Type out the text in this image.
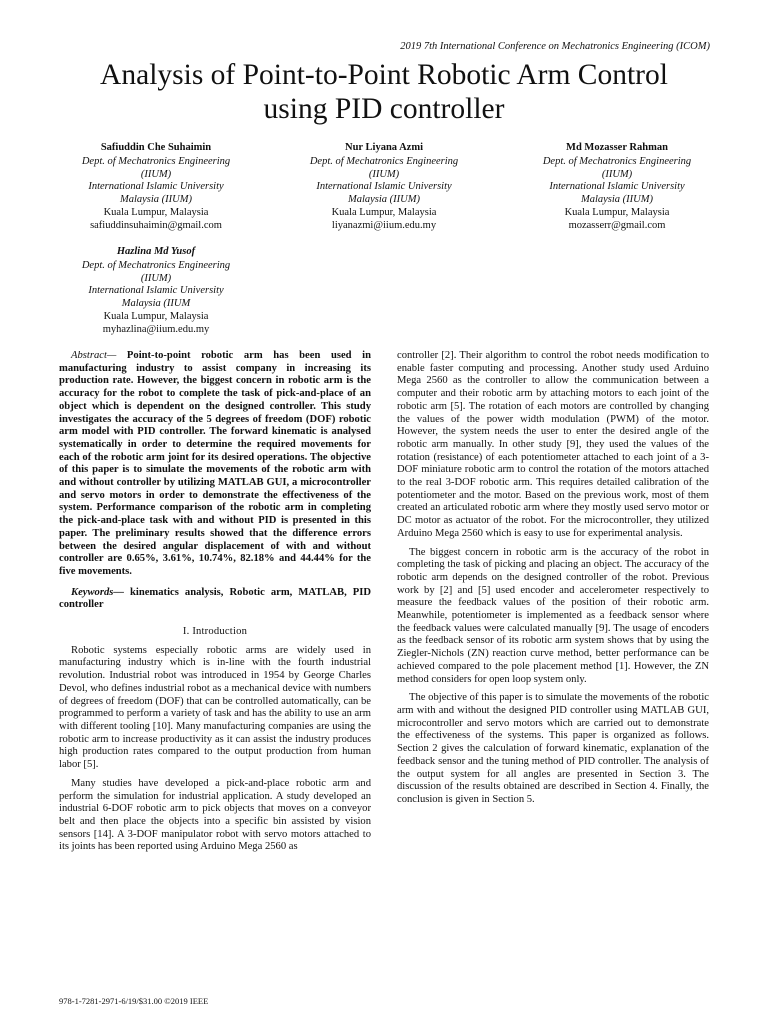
2019 7th International Conference on Mechatronics Engineering (ICOM)
Analysis of Point-to-Point Robotic Arm Control
using PID controller
Safiuddin Che Suhaimin
Dept. of Mechatronics Engineering
(IIUM)
International Islamic University
Malaysia (IIUM)
Kuala Lumpur, Malaysia
safiuddinsuhaimin@gmail.com
Nur Liyana Azmi
Dept. of Mechatronics Engineering
(IIUM)
International Islamic University
Malaysia (IIUM)
Kuala Lumpur, Malaysia
liyanazmi@iium.edu.my
Md Mozasser Rahman
Dept. of Mechatronics Engineering
(IIUM)
International Islamic University
Malaysia (IIUM)
Kuala Lumpur, Malaysia
mozasserr@gmail.com
Hazlina Md Yusof
Dept. of Mechatronics Engineering
(IIUM)
International Islamic University
Malaysia (IIUM
Kuala Lumpur, Malaysia
myhazlina@iium.edu.my

Abstract— Point-to-point robotic arm has been used in manufacturing industry to assist company in increasing its production rate. However, the biggest concern in robotic arm is the accuracy for the robot to complete the task of pick-and-place of an object which is dependent on the designed controller. This study investigates the accuracy of the 5 degrees of freedom (DOF) robotic arm model with PID controller. The forward kinematic is analysed systematically in order to determine the required movements for each of the robotic arm joint for its desired operations. The objective of this paper is to simulate the movements of the robotic arm with and without controller by utilizing MATLAB GUI, a microcontroller and servo motors in order to demonstrate the effectiveness of the system. Performance comparison of the robotic arm in completing the pick-and-place task with and without PID is presented in this paper. The preliminary results showed that the difference errors between the desired angular displacement of with and without controller are 0.65%, 3.61%, 10.74%, 82.18% and 44.44% for the five movements.

Keywords— kinematics analysis, Robotic arm, MATLAB, PID controller

I. Introduction

Robotic systems especially robotic arms are widely used in manufacturing industry which is in-line with the fourth industrial revolution. Industrial robot was introduced in 1954 by George Charles Devol, who defines industrial robot as a mechanical device with numbers of degrees of freedom (DOF) that can be controlled automatically, can be programmed to perform a variety of task and has the ability to use an arm with different tooling [10]. Many manufacturing companies are using the robotic arm to increase productivity as it can assist the industry produces high production rates compared to the output production from human labor [5].

Many studies have developed a pick-and-place robotic arm and perform the simulation for industrial application. A study developed an industrial 6-DOF robotic arm to pick objects that moves on a conveyor belt and then place the objects into a specific bin assisted by vision sensors [14]. A 3-DOF manipulator robot with servo motors attached to its joints has been reported using Arduino Mega 2560 as

controller [2]. Their algorithm to control the robot needs modification to enable faster computing and processing. Another study used Arduino Mega 2560 as the controller to allow the communication between a computer and their robotic arm by attaching motors to each joint of the robotic arm [5]. The rotation of each motors are controlled by changing the values of the power width modulation (PWM) of the motor. However, the system needs the user to enter the desired angle of the robotic arm manually. In other study [9], they used the values of the rotation (resistance) of each potentiometer attached to each joint of a 3-DOF miniature robotic arm to control the rotation of the motors attached to the real 3-DOF robotic arm. This requires detailed calibration of the potentiometer and the motor. Based on the previous work, most of them created an articulated robotic arm where they mostly used servo motor or DC motor as actuator of the robot. For the microcontroller, they utilized Arduino Mega 2560 which is easy to use for experimental analysis.

The biggest concern in robotic arm is the accuracy of the robot in completing the task of picking and placing an object. The accuracy of the robotic arm depends on the designed controller of the robot. Previous work by [2] and [5] used encoder and accelerometer respectively to measure the feedback values of the position of their robotic arm. Meanwhile, potentiometer is implemented as a feedback sensor where the feedback values were calculated manually [9]. The usage of encoders as the feedback sensor of its robotic arm system shows that by using the Ziegler-Nichols (ZN) reaction curve method, better performance can be achieved compared to the pole placement method [1]. However, the ZN method considers for open loop system only.

The objective of this paper is to simulate the movements of the robotic arm with and without the designed PID controller using MATLAB GUI, microcontroller and servo motors which are carried out to demonstrate the effectiveness of the systems. This paper is organized as follows. Section 2 gives the calculation of forward kinematic, explanation of the feedback sensor and the tuning method of PID controller. The analysis of the output system for all angles are presented in Section 3. The discussion of the results obtained are described in Section 4. Finally, the conclusion is given in Section 5.

978-1-7281-2971-6/19/$31.00 ©2019 IEEE
